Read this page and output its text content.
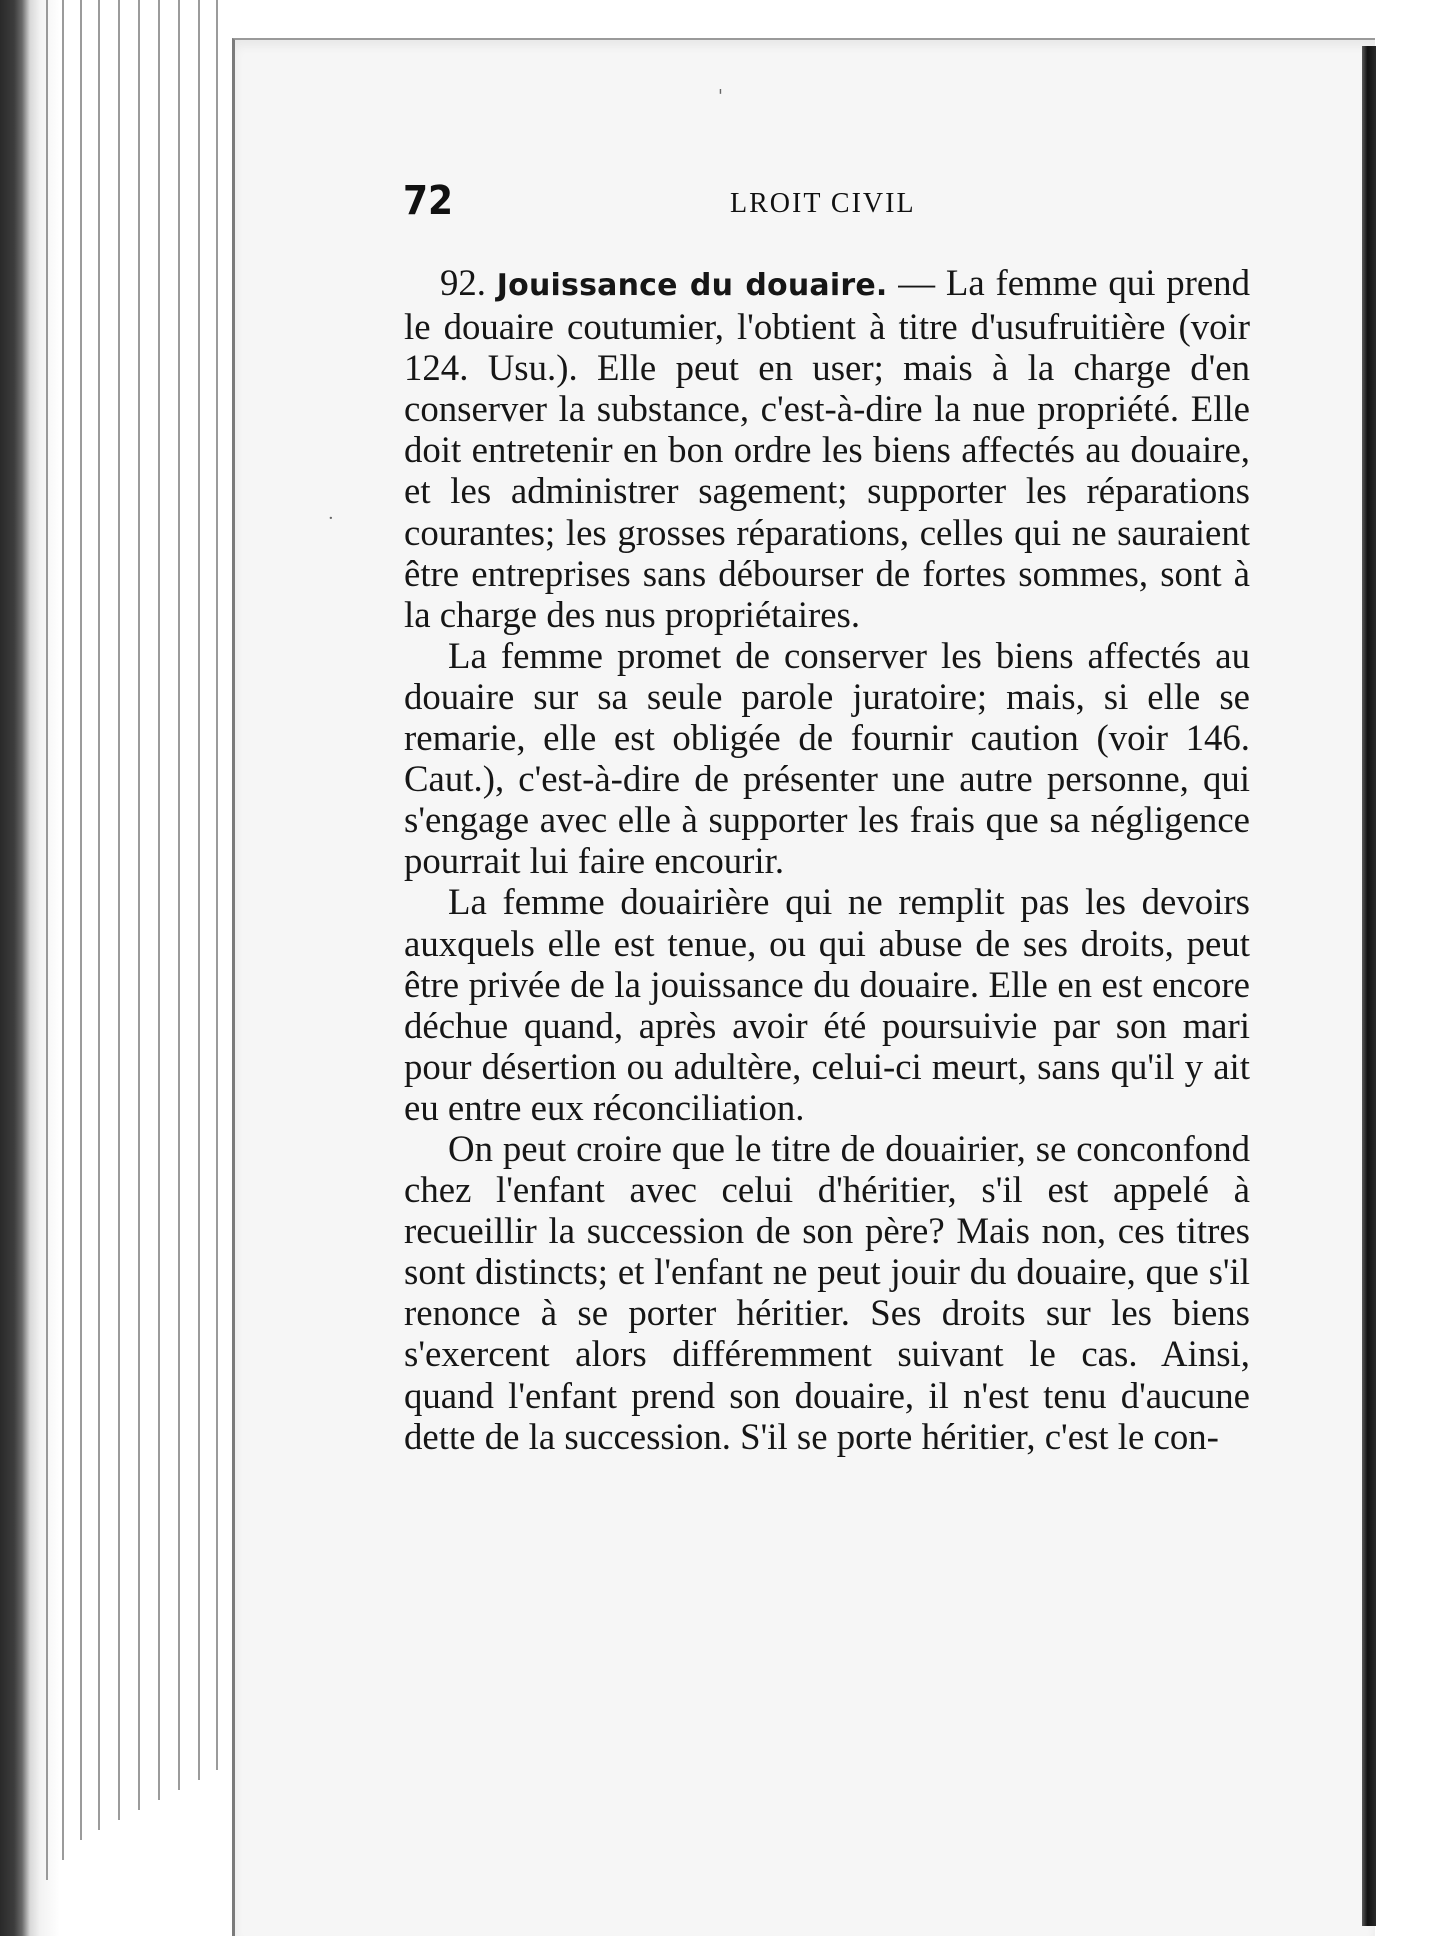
'
·
72	LROIT CIVIL

92. Jouissance du douaire. — La femme qui prend le douaire coutumier, l'obtient à titre d'usufruitière (voir 124. Usu.). Elle peut en user; mais à la charge d'en conserver la substance, c'est-à-dire la nue propriété. Elle doit entretenir en bon ordre les biens affectés au douaire, et les administrer sagement; supporter les réparations courantes; les grosses réparations, celles qui ne sauraient être entreprises sans débourser de fortes sommes, sont à la charge des nus propriétaires.

La femme promet de conserver les biens affectés au douaire sur sa seule parole juratoire; mais, si elle se remarie, elle est obligée de fournir caution (voir 146. Caut.), c'est-à-dire de présenter une autre personne, qui s'engage avec elle à supporter les frais que sa négligence pourrait lui faire encourir.

La femme douairière qui ne remplit pas les devoirs auxquels elle est tenue, ou qui abuse de ses droits, peut être privée de la jouissance du douaire. Elle en est encore déchue quand, après avoir été poursuivie par son mari pour désertion ou adultère, celui-ci meurt, sans qu'il y ait eu entre eux réconciliation.

On peut croire que le titre de douairier, se conconfond chez l'enfant avec celui d'héritier, s'il est appelé à recueillir la succession de son père? Mais non, ces titres sont distincts; et l'enfant ne peut jouir du douaire, que s'il renonce à se porter héritier. Ses droits sur les biens s'exercent alors différemment suivant le cas. Ainsi, quand l'enfant prend son douaire, il n'est tenu d'aucune dette de la succession. S'il se porte héritier, c'est le con-
